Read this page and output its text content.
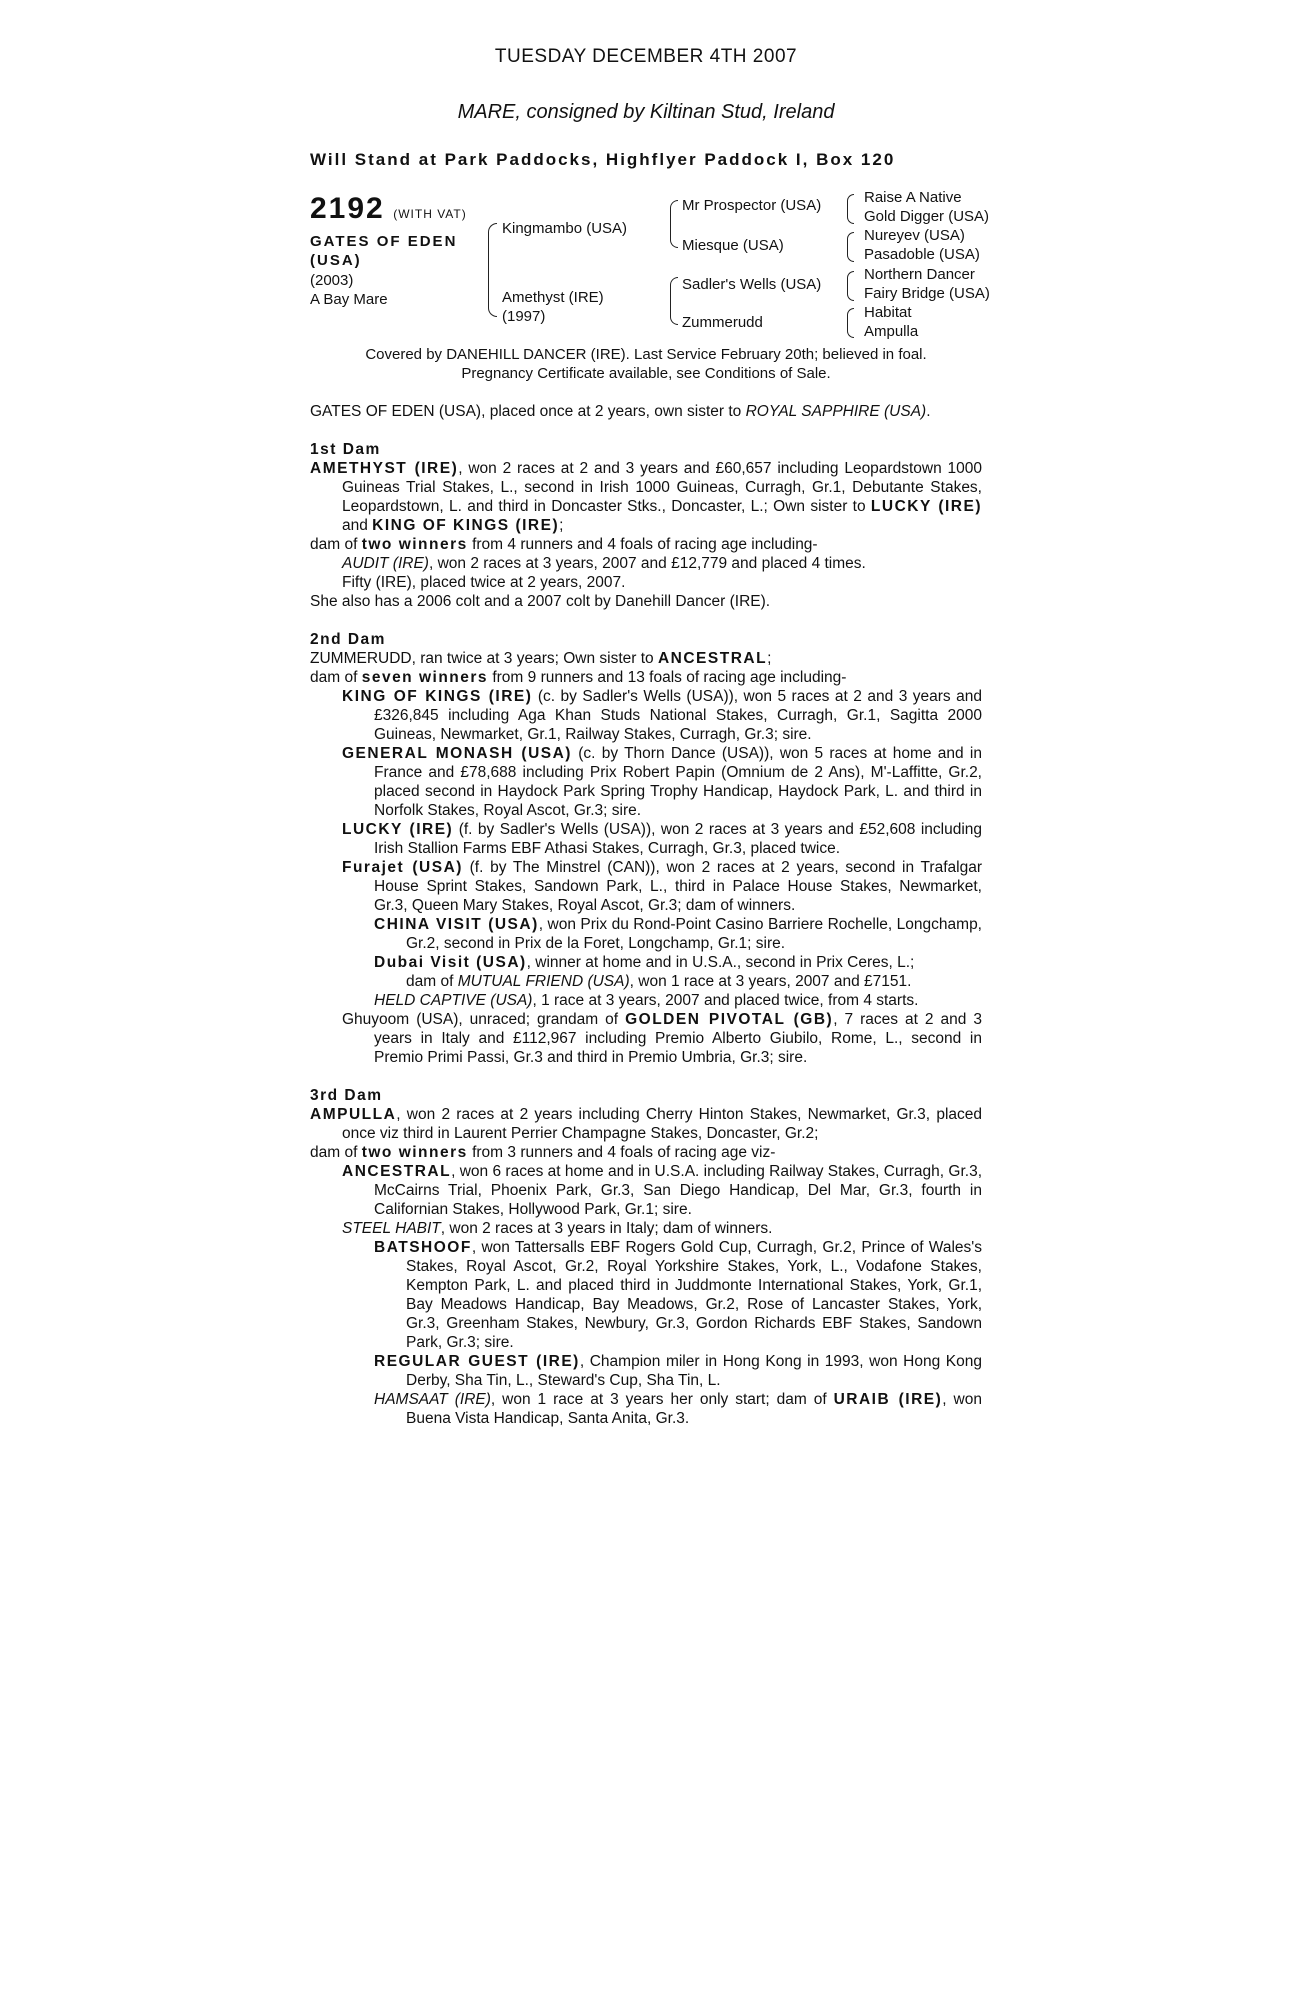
TUESDAY DECEMBER 4TH 2007
MARE, consigned by Kiltinan Stud, Ireland
Will Stand at Park Paddocks, Highflyer Paddock I, Box 120
2192 (WITH VAT)
GATES OF EDEN
(USA)
(2003)
A Bay Mare
Kingmambo (USA)
Amethyst (IRE)
(1997)
Mr Prospector (USA)
Miesque (USA)
Sadler's Wells (USA)
Zummerudd
Raise A Native
Gold Digger (USA)
Nureyev (USA)
Pasadoble (USA)
Northern Dancer
Fairy Bridge (USA)
Habitat
Ampulla
Covered by DANEHILL DANCER (IRE). Last Service February 20th; believed in foal.
Pregnancy Certificate available, see Conditions of Sale.

GATES OF EDEN (USA), placed once at 2 years, own sister to ROYAL SAPPHIRE (USA).

1st Dam

AMETHYST (IRE), won 2 races at 2 and 3 years and £60,657 including Leopardstown 1000 Guineas Trial Stakes, L., second in Irish 1000 Guineas, Curragh, Gr.1, Debutante Stakes, Leopardstown, L. and third in Doncaster Stks., Doncaster, L.; Own sister to LUCKY (IRE) and KING OF KINGS (IRE);

dam of two winners from 4 runners and 4 foals of racing age including-

AUDIT (IRE), won 2 races at 3 years, 2007 and £12,779 and placed 4 times.

Fifty (IRE), placed twice at 2 years, 2007.

She also has a 2006 colt and a 2007 colt by Danehill Dancer (IRE).

2nd Dam

ZUMMERUDD, ran twice at 3 years; Own sister to ANCESTRAL;

dam of seven winners from 9 runners and 13 foals of racing age including-

KING OF KINGS (IRE) (c. by Sadler's Wells (USA)), won 5 races at 2 and 3 years and £326,845 including Aga Khan Studs National Stakes, Curragh, Gr.1, Sagitta 2000 Guineas, Newmarket, Gr.1, Railway Stakes, Curragh, Gr.3; sire.

GENERAL MONASH (USA) (c. by Thorn Dance (USA)), won 5 races at home and in France and £78,688 including Prix Robert Papin (Omnium de 2 Ans), M'-Laffitte, Gr.2, placed second in Haydock Park Spring Trophy Handicap, Haydock Park, L. and third in Norfolk Stakes, Royal Ascot, Gr.3; sire.

LUCKY (IRE) (f. by Sadler's Wells (USA)), won 2 races at 3 years and £52,608 including Irish Stallion Farms EBF Athasi Stakes, Curragh, Gr.3, placed twice.

Furajet (USA) (f. by The Minstrel (CAN)), won 2 races at 2 years, second in Trafalgar House Sprint Stakes, Sandown Park, L., third in Palace House Stakes, Newmarket, Gr.3, Queen Mary Stakes, Royal Ascot, Gr.3; dam of winners.

CHINA VISIT (USA), won Prix du Rond-Point Casino Barriere Rochelle, Longchamp, Gr.2, second in Prix de la Foret, Longchamp, Gr.1; sire.

Dubai Visit (USA), winner at home and in U.S.A., second in Prix Ceres, L.;

dam of MUTUAL FRIEND (USA), won 1 race at 3 years, 2007 and £7151.

HELD CAPTIVE (USA), 1 race at 3 years, 2007 and placed twice, from 4 starts.

Ghuyoom (USA), unraced; grandam of GOLDEN PIVOTAL (GB), 7 races at 2 and 3 years in Italy and £112,967 including Premio Alberto Giubilo, Rome, L., second in Premio Primi Passi, Gr.3 and third in Premio Umbria, Gr.3; sire.

3rd Dam

AMPULLA, won 2 races at 2 years including Cherry Hinton Stakes, Newmarket, Gr.3, placed once viz third in Laurent Perrier Champagne Stakes, Doncaster, Gr.2;

dam of two winners from 3 runners and 4 foals of racing age viz-

ANCESTRAL, won 6 races at home and in U.S.A. including Railway Stakes, Curragh, Gr.3, McCairns Trial, Phoenix Park, Gr.3, San Diego Handicap, Del Mar, Gr.3, fourth in Californian Stakes, Hollywood Park, Gr.1; sire.

STEEL HABIT, won 2 races at 3 years in Italy; dam of winners.

BATSHOOF, won Tattersalls EBF Rogers Gold Cup, Curragh, Gr.2, Prince of Wales's Stakes, Royal Ascot, Gr.2, Royal Yorkshire Stakes, York, L., Vodafone Stakes, Kempton Park, L. and placed third in Juddmonte International Stakes, York, Gr.1, Bay Meadows Handicap, Bay Meadows, Gr.2, Rose of Lancaster Stakes, York, Gr.3, Greenham Stakes, Newbury, Gr.3, Gordon Richards EBF Stakes, Sandown Park, Gr.3; sire.

REGULAR GUEST (IRE), Champion miler in Hong Kong in 1993, won Hong Kong Derby, Sha Tin, L., Steward's Cup, Sha Tin, L.

HAMSAAT (IRE), won 1 race at 3 years her only start; dam of URAIB (IRE), won Buena Vista Handicap, Santa Anita, Gr.3.
